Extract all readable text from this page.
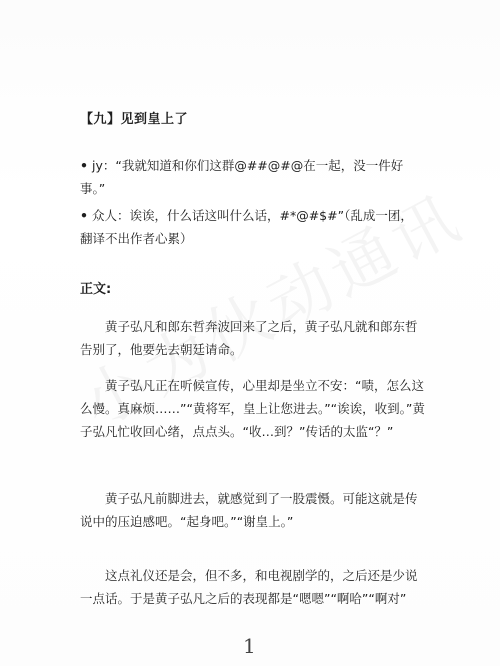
【九】见到皇上了
• jy：“我就知道和你们这群@##@#@在一起，没一件好事。”
• 众人：诶诶，什么话这叫什么话，#*@#$#”（乱成一团，翻译不出作者心累）
正文:
黄子弘凡和郎东哲奔波回来了之后，黄子弘凡就和郎东哲告别了，他要先去朝廷请命。
黄子弘凡正在听候宣传，心里却是坐立不安：“啧，怎么这么慢。真麻烦……”“黄将军，皇上让您进去。”“诶诶，收到。”黄子弘凡忙收回心绪，点点头。“收…到？”传话的太监“？”
黄子弘凡前脚进去，就感觉到了一股震慑。可能这就是传说中的压迫感吧。“起身吧。”“谢皇上。”
这点礼仪还是会，但不多，和电视剧学的，之后还是少说一点话。于是黄子弘凡之后的表现都是“嗯嗯”“啊哈”“啊对”
1
